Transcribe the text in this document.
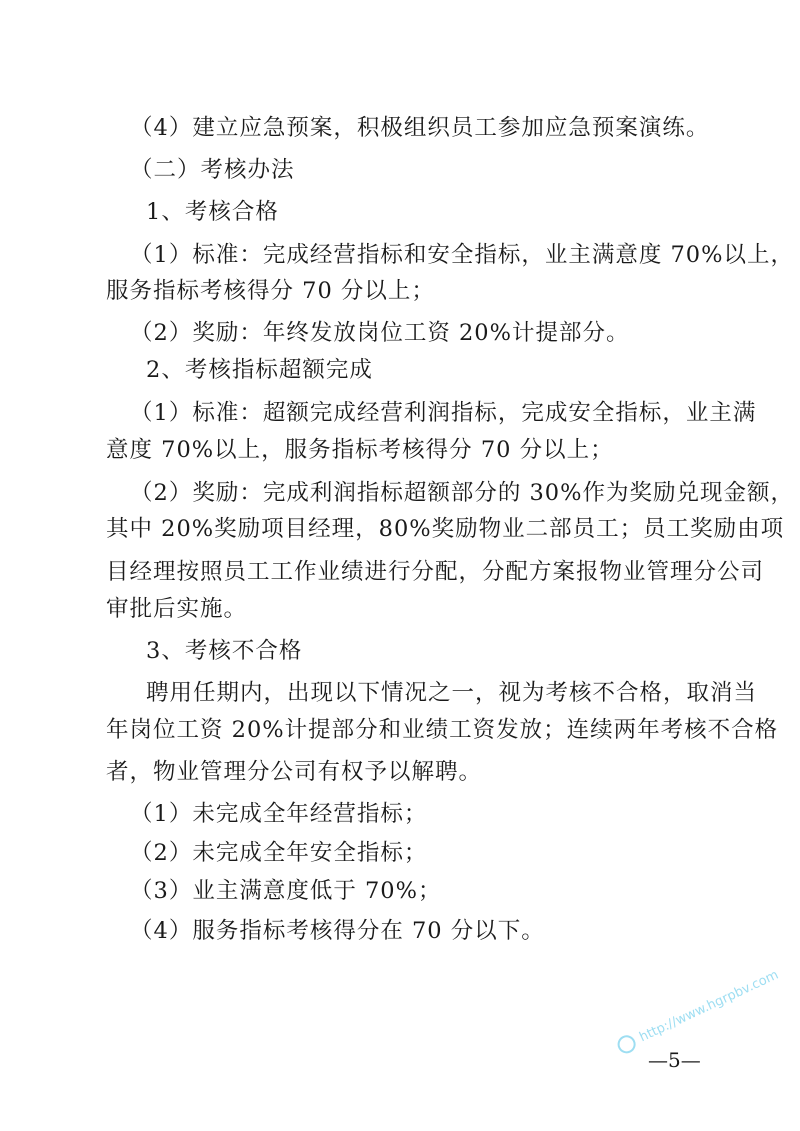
（4）建立应急预案，积极组织员工参加应急预案演练。
（二）考核办法
1、考核合格
（1）标准：完成经营指标和安全指标，业主满意度 70%以上，
服务指标考核得分 70 分以上；
（2）奖励：年终发放岗位工资 20%计提部分。
2、考核指标超额完成
（1）标准：超额完成经营利润指标，完成安全指标，业主满
意度 70%以上，服务指标考核得分 70 分以上；
（2）奖励：完成利润指标超额部分的 30%作为奖励兑现金额，
其中 20%奖励项目经理，80%奖励物业二部员工；员工奖励由项
目经理按照员工工作业绩进行分配，分配方案报物业管理分公司
审批后实施。
3、考核不合格
聘用任期内，出现以下情况之一，视为考核不合格，取消当
年岗位工资 20%计提部分和业绩工资发放；连续两年考核不合格
者，物业管理分公司有权予以解聘。
（1）未完成全年经营指标；
（2）未完成全年安全指标；
（3）业主满意度低于 70%；
（4）服务指标考核得分在 70 分以下。
—5—
http://www.hgrpbv.com
